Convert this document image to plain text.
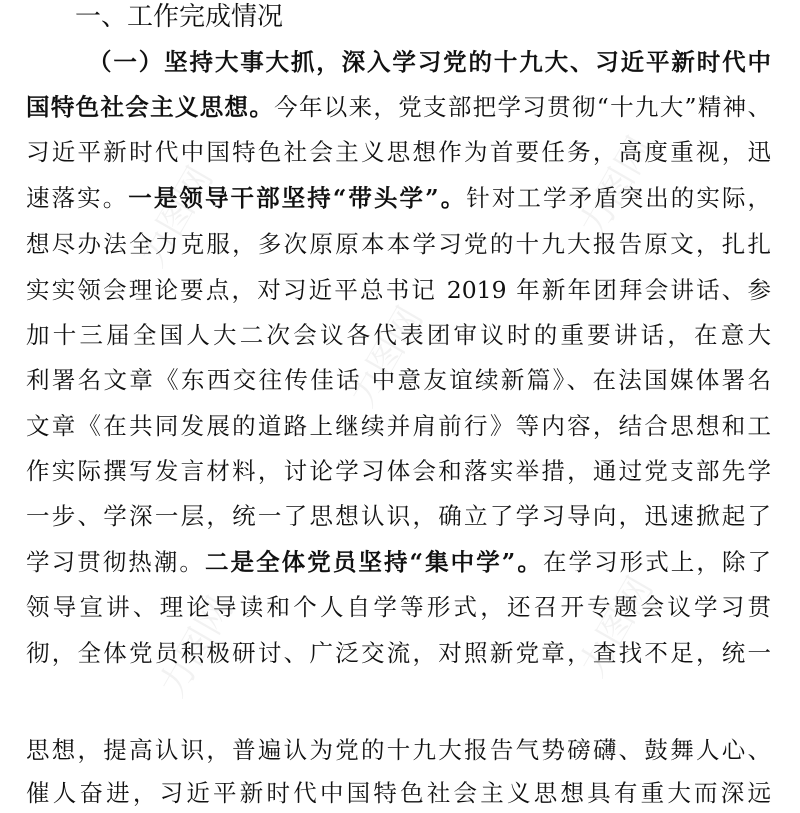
一、工作完成情况
（一）坚持大事大抓，深入学习党的十九大、习近平新时代中
国特色社会主义思想。今年以来，党支部把学习贯彻“十九大”精神、
习近平新时代中国特色社会主义思想作为首要任务，高度重视，迅
速落实。一是领导干部坚持“带头学”。针对工学矛盾突出的实际，
想尽办法全力克服，多次原原本本学习党的十九大报告原文，扎扎
实实领会理论要点，对习近平总书记 2019 年新年团拜会讲话、参
加十三届全国人大二次会议各代表团审议时的重要讲话，在意大
利署名文章《东西交往传佳话 中意友谊续新篇》、在法国媒体署名
文章《在共同发展的道路上继续并肩前行》等内容，结合思想和工
作实际撰写发言材料，讨论学习体会和落实举措，通过党支部先学
一步、学深一层，统一了思想认识，确立了学习导向，迅速掀起了
学习贯彻热潮。二是全体党员坚持“集中学”。在学习形式上，除了
领导宣讲、理论导读和个人自学等形式，还召开专题会议学习贯
彻，全体党员积极研讨、广泛交流，对照新党章，查找不足，统一
思想，提高认识，普遍认为党的十九大报告气势磅礴、鼓舞人心、
催人奋进，习近平新时代中国特色社会主义思想具有重大而深远
力图网
力图网
力图网
力图网
力图网
